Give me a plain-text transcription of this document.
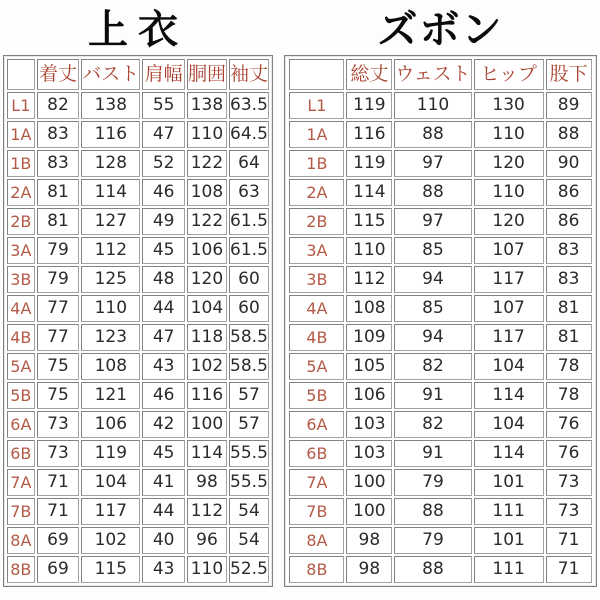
上衣
	着丈	バスト	肩幅	胴囲	袖丈
L1	82	138	55	138	63.5
1A	83	116	47	110	64.5
1B	83	128	52	122	64
2A	81	114	46	108	63
2B	81	127	49	122	61.5
3A	79	112	45	106	61.5
3B	79	125	48	120	60
4A	77	110	44	104	60
4B	77	123	47	118	58.5
5A	75	108	43	102	58.5
5B	75	121	46	116	57
6A	73	106	42	100	57
6B	73	119	45	114	55.5
7A	71	104	41	98	55.5
7B	71	117	44	112	54
8A	69	102	40	96	54
8B	69	115	43	110	52.5
ズボン
	総丈	ウェスト	ヒップ	股下
L1	119	110	130	89
1A	116	88	110	88
1B	119	97	120	90
2A	114	88	110	86
2B	115	97	120	86
3A	110	85	107	83
3B	112	94	117	83
4A	108	85	107	81
4B	109	94	117	81
5A	105	82	104	78
5B	106	91	114	78
6A	103	82	104	76
6B	103	91	114	76
7A	100	79	101	73
7B	100	88	111	73
8A	98	79	101	71
8B	98	88	111	71
